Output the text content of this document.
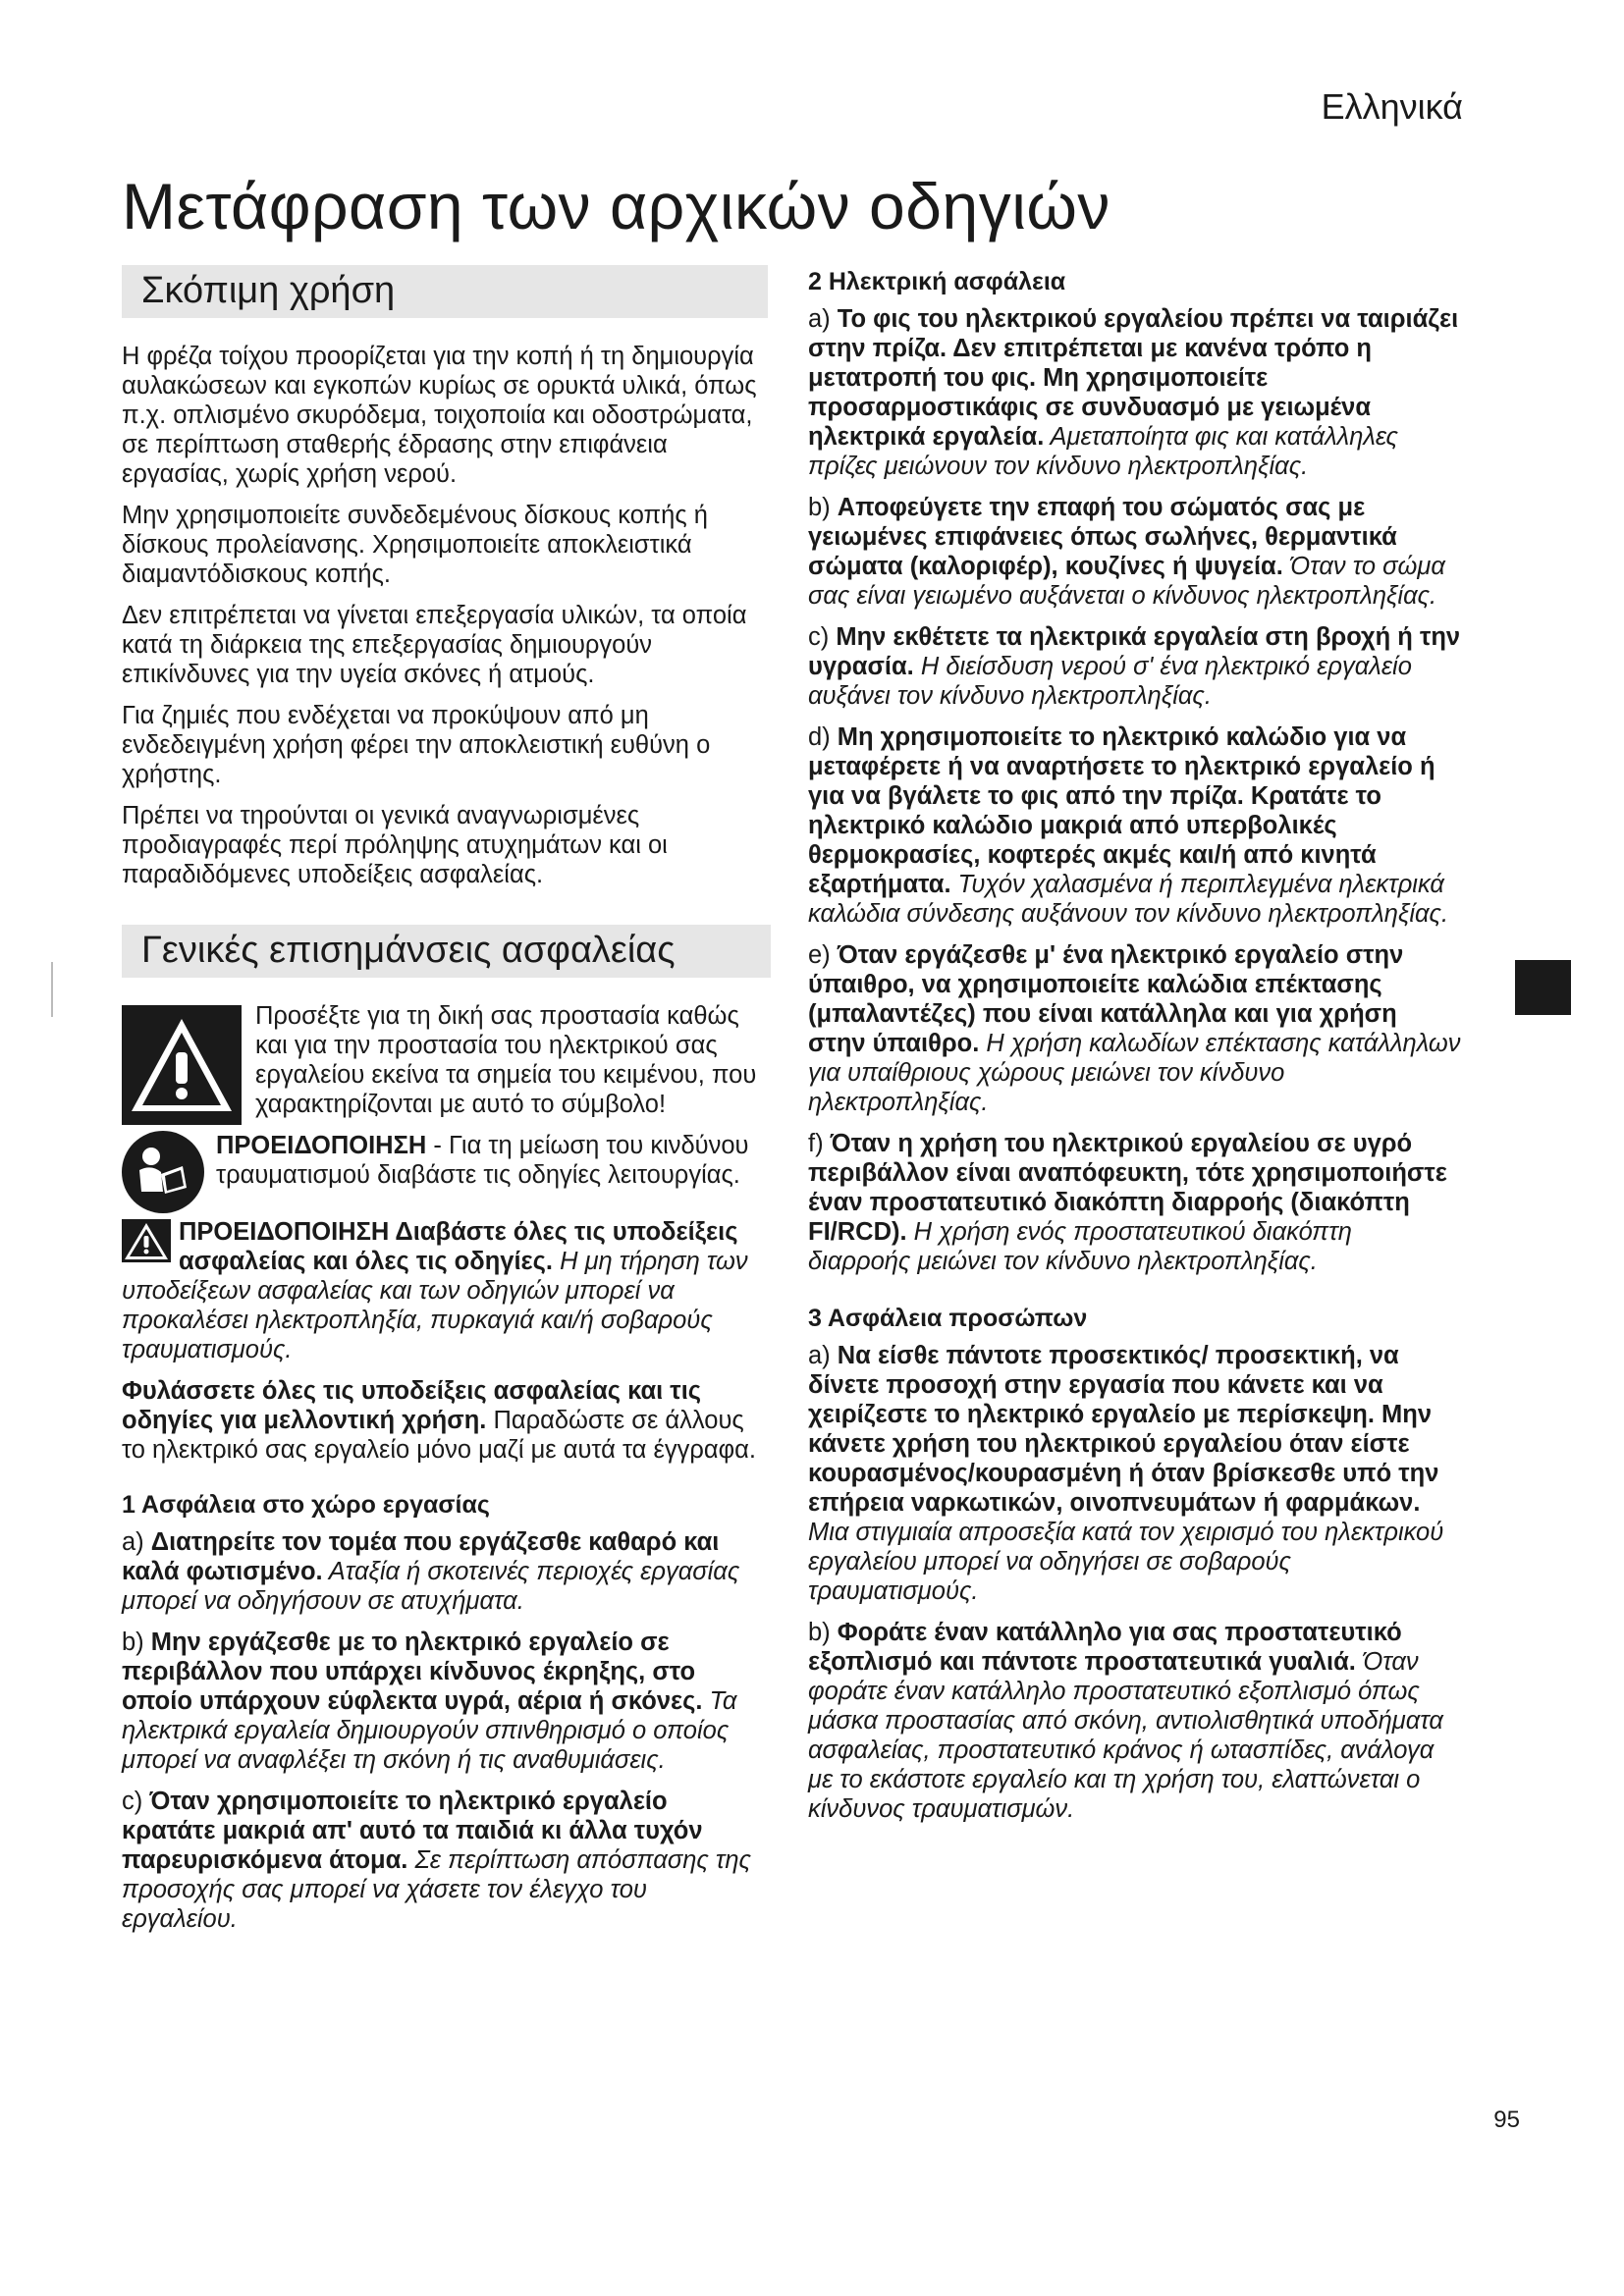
Ελληνικά
Μετάφραση των αρχικών οδηγιών
Σκόπιμη χρήση

Η φρέζα τοίχου προορίζεται για την κοπή ή τη δημιουργία αυλακώσεων και εγκοπών κυρίως σε ορυκτά υλικά, όπως π.χ. οπλισμένο σκυρόδεμα, τοιχοποιία και οδοστρώματα, σε περίπτωση σταθερής έδρασης στην επιφάνεια εργασίας, χωρίς χρήση νερού.

Μην χρησιμοποιείτε συνδεδεμένους δίσκους κοπής ή δίσκους προλείανσης. Χρησιμοποιείτε αποκλειστικά διαμαντόδισκους κοπής.

Δεν επιτρέπεται να γίνεται επεξεργασία υλικών, τα οποία κατά τη διάρκεια της επεξεργασίας δημιουργούν επικίνδυνες για την υγεία σκόνες ή ατμούς.

Για ζημιές που ενδέχεται να προκύψουν από μη ενδεδειγμένη χρήση φέρει την αποκλειστική ευθύνη ο χρήστης.

Πρέπει να τηρούνται οι γενικά αναγνωρισμένες προδιαγραφές περί πρόληψης ατυχημάτων και οι παραδιδόμενες υποδείξεις ασφαλείας.

Γενικές επισημάνσεις ασφαλείας

Προσέξτε για τη δική σας προστασία καθώς και για την προστασία του ηλεκτρικού σας εργαλείου εκείνα τα σημεία του κειμένου, που χαρακτηρίζονται με αυτό το σύμβολο!

ΠΡΟΕΙΔΟΠΟΙΗΣΗ - Για τη μείωση του κινδύνου τραυματισμού διαβάστε τις οδηγίες λειτουργίας.

ΠΡΟΕΙΔΟΠΟΙΗΣΗ Διαβάστε όλες τις υποδείξεις ασφαλείας και όλες τις οδηγίες. Η μη τήρηση των υποδείξεων ασφαλείας και των οδηγιών μπορεί να προκαλέσει ηλεκτροπληξία, πυρκαγιά και/ή σοβαρούς τραυματισμούς.

Φυλάσσετε όλες τις υποδείξεις ασφαλείας και τις οδηγίες για μελλοντική χρήση. Παραδώστε σε άλλους το ηλεκτρικό σας εργαλείο μόνο μαζί με αυτά τα έγγραφα.

1 Ασφάλεια στο χώρο εργασίας

a) Διατηρείτε τον τομέα που εργάζεσθε καθαρό και καλά φωτισμένο. Αταξία ή σκοτεινές περιοχές εργασίας μπορεί να οδηγήσουν σε ατυχήματα.

b) Μην εργάζεσθε με το ηλεκτρικό εργαλείο σε περιβάλλον που υπάρχει κίνδυνος έκρηξης, στο οποίο υπάρχουν εύφλεκτα υγρά, αέρια ή σκόνες. Τα ηλεκτρικά εργαλεία δημιουργούν σπινθηρισμό ο οποίος μπορεί να αναφλέξει τη σκόνη ή τις αναθυμιάσεις.

c) Όταν χρησιμοποιείτε το ηλεκτρικό εργαλείο κρατάτε μακριά απ' αυτό τα παιδιά κι άλλα τυχόν παρευρισκόμενα άτομα. Σε περίπτωση απόσπασης της προσοχής σας μπορεί να χάσετε τον έλεγχο του εργαλείου.

2 Ηλεκτρική ασφάλεια

a) Το φις του ηλεκτρικού εργαλείου πρέπει να ταιριάζει στην πρίζα. Δεν επιτρέπεται με κανένα τρόπο η μετατροπή του φις. Μη χρησιμοποιείτε προσαρμοστικάφις σε συνδυασμό με γειωμένα ηλεκτρικά εργαλεία. Αμεταποίητα φις και κατάλληλες πρίζες μειώνουν τον κίνδυνο ηλεκτροπληξίας.

b) Αποφεύγετε την επαφή του σώματός σας με γειωμένες επιφάνειες όπως σωλήνες, θερμαντικά σώματα (καλοριφέρ), κουζίνες ή ψυγεία. Όταν το σώμα σας είναι γειωμένο αυξάνεται ο κίνδυνος ηλεκτροπληξίας.

c) Μην εκθέτετε τα ηλεκτρικά εργαλεία στη βροχή ή την υγρασία. Η διείσδυση νερού σ' ένα ηλεκτρικό εργαλείο αυξάνει τον κίνδυνο ηλεκτροπληξίας.

d) Μη χρησιμοποιείτε το ηλεκτρικό καλώδιο για να μεταφέρετε ή να αναρτήσετε το ηλεκτρικό εργαλείο ή για να βγάλετε το φις από την πρίζα. Κρατάτε το ηλεκτρικό καλώδιο μακριά από υπερβολικές θερμοκρασίες, κοφτερές ακμές και/ή από κινητά εξαρτήματα. Τυχόν χαλασμένα ή περιπλεγμένα ηλεκτρικά καλώδια σύνδεσης αυξάνουν τον κίνδυνο ηλεκτροπληξίας.

e) Όταν εργάζεσθε μ' ένα ηλεκτρικό εργαλείο στην ύπαιθρο, να χρησιμοποιείτε καλώδια επέκτασης (μπαλαντέζες) που είναι κατάλληλα και για χρήση στην ύπαιθρο. Η χρήση καλωδίων επέκτασης κατάλληλων για υπαίθριους χώρους μειώνει τον κίνδυνο ηλεκτροπληξίας.

f) Όταν η χρήση του ηλεκτρικού εργαλείου σε υγρό περιβάλλον είναι αναπόφευκτη, τότε χρησιμοποιήστε έναν προστατευτικό διακόπτη διαρροής (διακόπτη FI/RCD). Η χρήση ενός προστατευτικού διακόπτη διαρροής μειώνει τον κίνδυνο ηλεκτροπληξίας.

3 Ασφάλεια προσώπων

a) Να είσθε πάντοτε προσεκτικός/ προσεκτική, να δίνετε προσοχή στην εργασία που κάνετε και να χειρίζεστε το ηλεκτρικό εργαλείο με περίσκεψη. Μην κάνετε χρήση του ηλεκτρικού εργαλείου όταν είστε κουρασμένος/κουρασμένη ή όταν βρίσκεσθε υπό την επήρεια ναρκωτικών, οινοπνευμάτων ή φαρμάκων. Μια στιγμιαία απροσεξία κατά τον χειρισμό του ηλεκτρικού εργαλείου μπορεί να οδηγήσει σε σοβαρούς τραυματισμούς.

b) Φοράτε έναν κατάλληλο για σας προστατευτικό εξοπλισμό και πάντοτε προστατευτικά γυαλιά. Όταν φοράτε έναν κατάλληλο προστατευτικό εξοπλισμό όπως μάσκα προστασίας από σκόνη, αντιολισθητικά υποδήματα ασφαλείας, προστατευτικό κράνος ή ωτασπίδες, ανάλογα με το εκάστοτε εργαλείο και τη χρήση του, ελαττώνεται ο κίνδυνος τραυματισμών.

95
